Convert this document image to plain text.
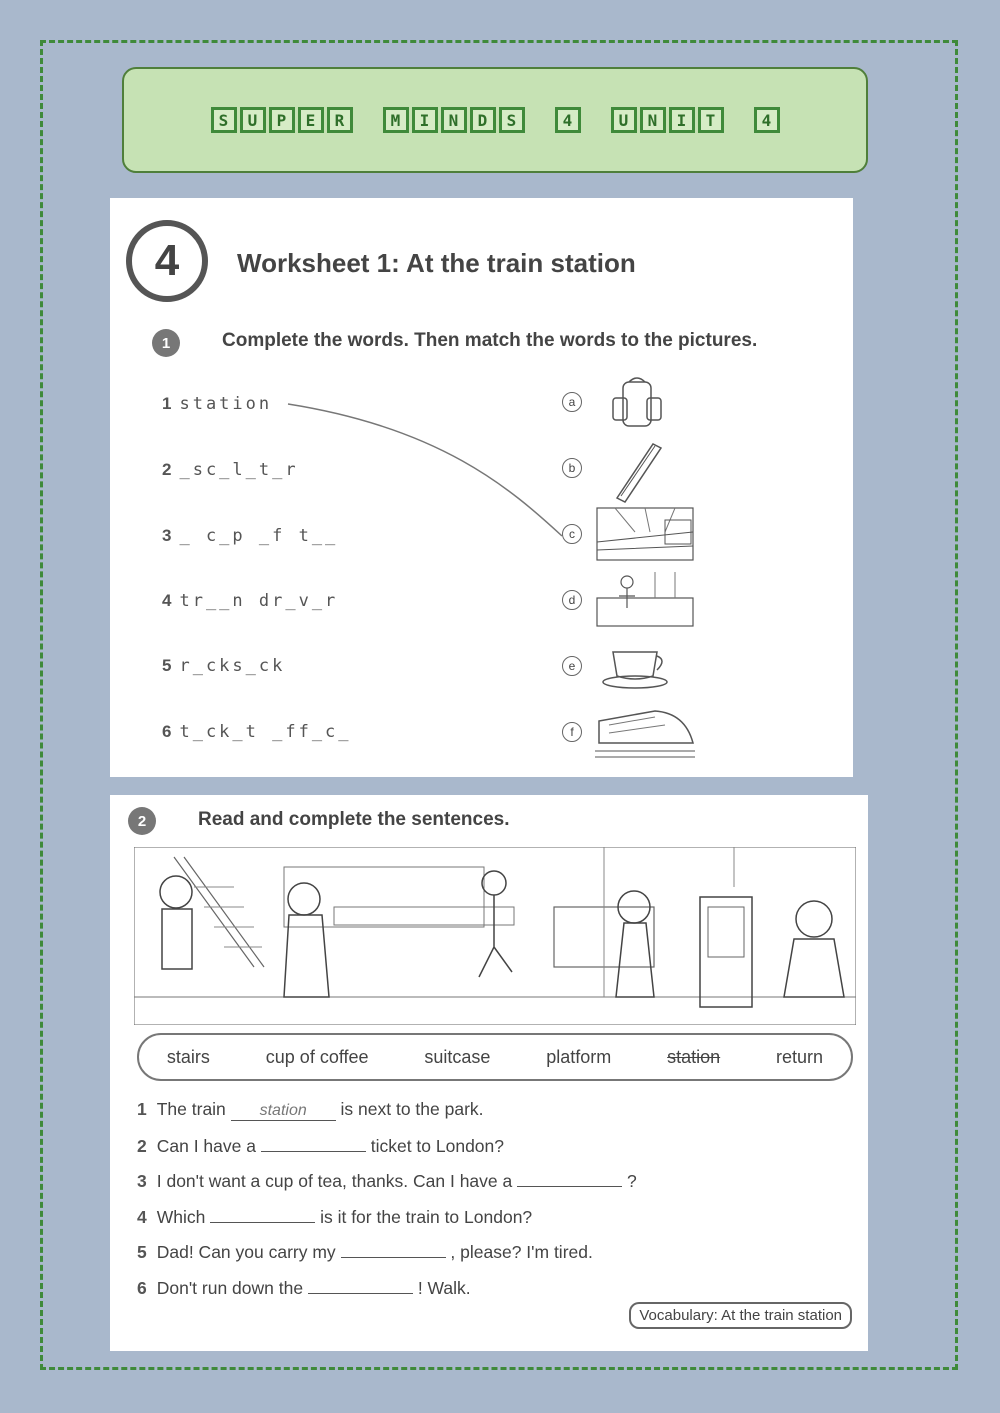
S	U	P	E	R	M	I	N	D	S	4	U	N	I	T	4
4	Worksheet 1: At the train station
1	Complete the words. Then match the words to the pictures.
1 station
2 _sc_l_t_r
3 _ c_p _f t__
4 tr__n dr_v_r
5 r_cks_ck
6 t_ck_t _ff_c_
a
b
c
d
e
f
2	Read and complete the sentences.
stairs	cup of coffee	suitcase	platform	station	return
1 The train station is next to the park.
2 Can I have a	ticket to London?
3 I don't want a cup of tea, thanks. Can I have a	?
4 Which	is it for the train to London?
5 Dad! Can you carry my	, please? I'm tired.
6 Don't run down the	! Walk.
Vocabulary: At the train station
